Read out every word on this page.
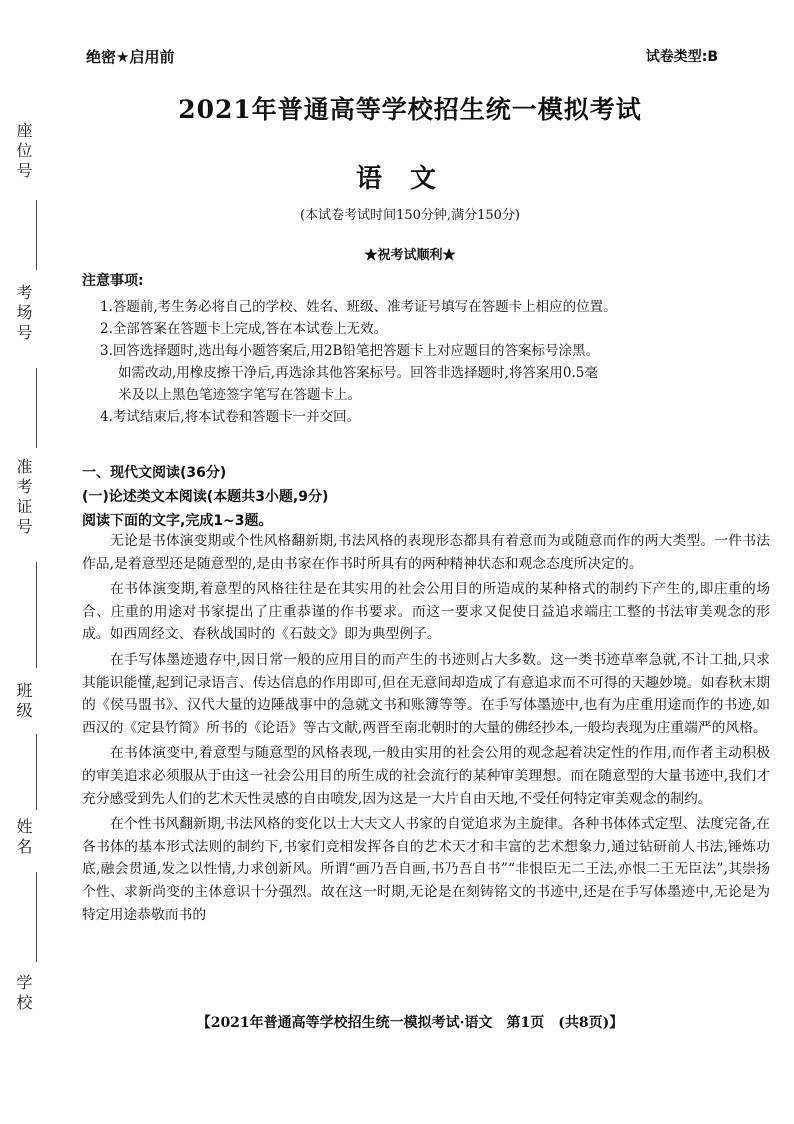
座位号
考场号
准考证号
班级
姓名
学校
绝密★启用前	试卷类型:B
2021年普通高等学校招生统一模拟考试
语文
(本试卷考试时间150分钟,满分150分)
★祝考试顺利★
注意事项:

1.答题前,考生务必将自己的学校、姓名、班级、准考证号填写在答题卡上相应的位置。

2.全部答案在答题卡上完成,答在本试卷上无效。

3.回答选择题时,选出每小题答案后,用2B铅笔把答题卡上对应题目的答案标号涂黑。

如需改动,用橡皮擦干净后,再选涂其他答案标号。回答非选择题时,将答案用0.5毫

米及以上黑色笔迹签字笔写在答题卡上。

4.考试结束后,将本试卷和答题卡一并交回。

一、现代文阅读(36分)
(一)论述类文本阅读(本题共3小题,9分)
阅读下面的文字,完成1~3题。

无论是书体演变期或个性风格翻新期,书法风格的表现形态都具有着意而为或随意而作的两大类型。一件书法作品,是着意型还是随意型的,是由书家在作书时所具有的两种精神状态和观念态度所决定的。

在书体演变期,着意型的风格往往是在其实用的社会公用目的所造成的某种格式的制约下产生的,即庄重的场合、庄重的用途对书家提出了庄重恭谨的作书要求。而这一要求又促使日益追求端庄工整的书法审美观念的形成。如西周经文、春秋战国时的《石鼓文》即为典型例子。

在手写体墨迹遗存中,因日常一般的应用目的而产生的书迹则占大多数。这一类书迹草率急就,不计工拙,只求其能识能懂,起到记录语言、传达信息的作用即可,但在无意间却造成了有意追求而不可得的天趣妙境。如春秋末期的《侯马盟书》、汉代大量的边陲战事中的急就文书和账簿等等。在手写体墨迹中,也有为庄重用途而作的书迹,如西汉的《定县竹简》所书的《论语》等古文献,两晋至南北朝时的大量的佛经抄本,一般均表现为庄重端严的风格。

在书体演变中,着意型与随意型的风格表现,一般由实用的社会公用的观念起着决定性的作用,而作者主动积极的审美追求必须服从于由这一社会公用目的所生成的社会流行的某种审美理想。而在随意型的大量书迹中,我们才充分感受到先人们的艺术天性灵感的自由喷发,因为这是一大片自由天地,不受任何特定审美观念的制约。

在个性书风翻新期,书法风格的变化以士大夫文人书家的自觉追求为主旋律。各种书体体式定型、法度完备,在各书体的基本形式法则的制约下,书家们竞相发挥各自的艺术天才和丰富的艺术想象力,通过钻研前人书法,锤炼功底,融会贯通,发之以性情,力求创新风。所谓“画乃吾自画,书乃吾自书”“非恨臣无二王法,亦恨二王无臣法”,其崇扬个性、求新尚变的主体意识十分强烈。故在这一时期,无论是在刻铸铭文的书迹中,还是在手写体墨迹中,无论是为特定用途恭敬而书的

【2021年普通高等学校招生统一模拟考试·语文　第1页　(共8页)】
